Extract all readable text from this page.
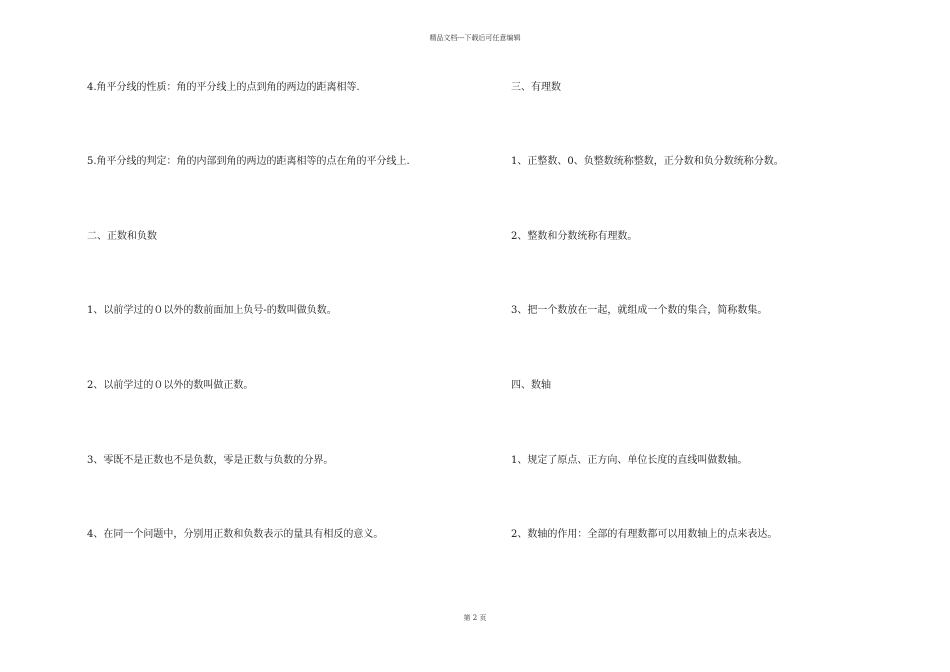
精品文档---下载后可任意编辑
4.角平分线的性质：角的平分线上的点到角的两边的距离相等.
5.角平分线的判定：角的内部到角的两边的距离相等的点在角的平分线上.
二、正数和负数
1、以前学过的０以外的数前面加上负号-的数叫做负数。
2、以前学过的０以外的数叫做正数。
3、零既不是正数也不是负数，零是正数与负数的分界。
4、在同一个问题中，分别用正数和负数表示的量具有相反的意义。
三、有理数
1、正整数、0、负整数统称整数，正分数和负分数统称分数。
2、整数和分数统称有理数。
3、把一个数放在一起，就组成一个数的集合，简称数集。
四、数轴
1、规定了原点、正方向、单位长度的直线叫做数轴。
2、数轴的作用：全部的有理数都可以用数轴上的点来表达。
第 2 页
